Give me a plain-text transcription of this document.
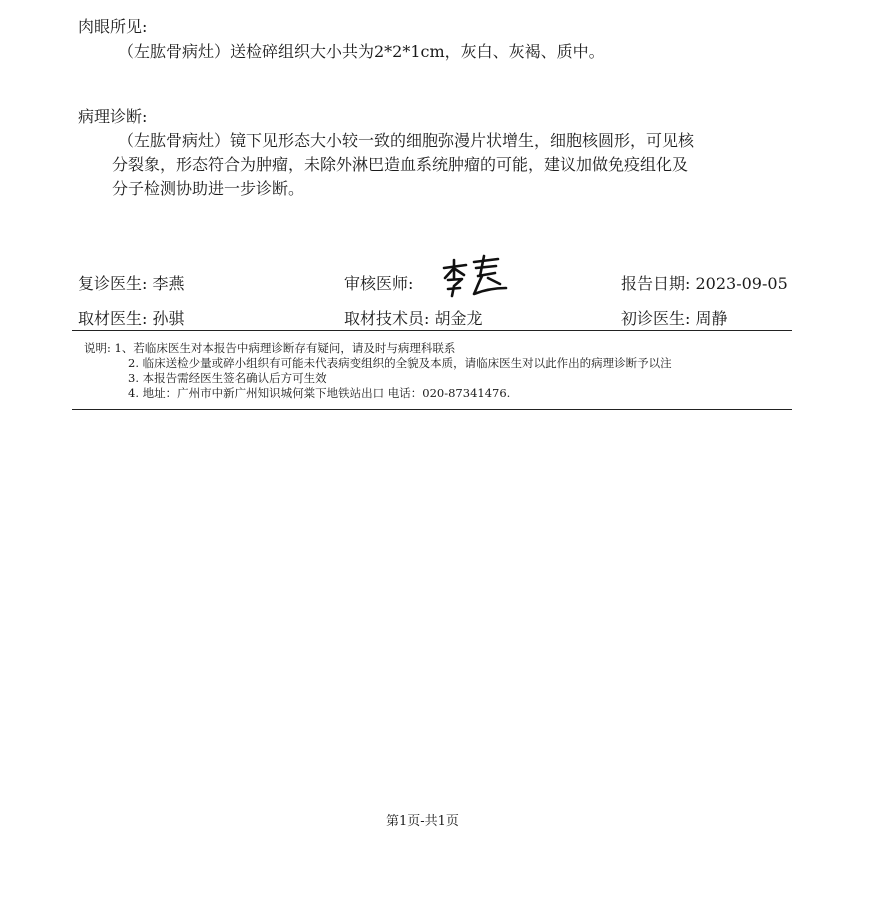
肉眼所见:
（左肱骨病灶）送检碎组织大小共为2*2*1cm，灰白、灰褐、质中。
病理诊断:
（左肱骨病灶）镜下见形态大小较一致的细胞弥漫片状增生，细胞核圆形，可见核
分裂象，形态符合为肿瘤，未除外淋巴造血系统肿瘤的可能，建议加做免疫组化及
分子检测协助进一步诊断。
复诊医生: 李燕	审核医师:	报告日期: 2023-09-05
取材医生: 孙骐	取材技术员: 胡金龙	初诊医生: 周静
说明: 1、若临床医生对本报告中病理诊断存有疑问，请及时与病理科联系
2. 临床送检少量或碎小组织有可能未代表病变组织的全貌及本质，请临床医生对以此作出的病理诊断予以注
3. 本报告需经医生签名确认后方可生效
4. 地址：广州市中新广州知识城何棠下地铁站出口 电话：020-87341476.
第1页-共1页
